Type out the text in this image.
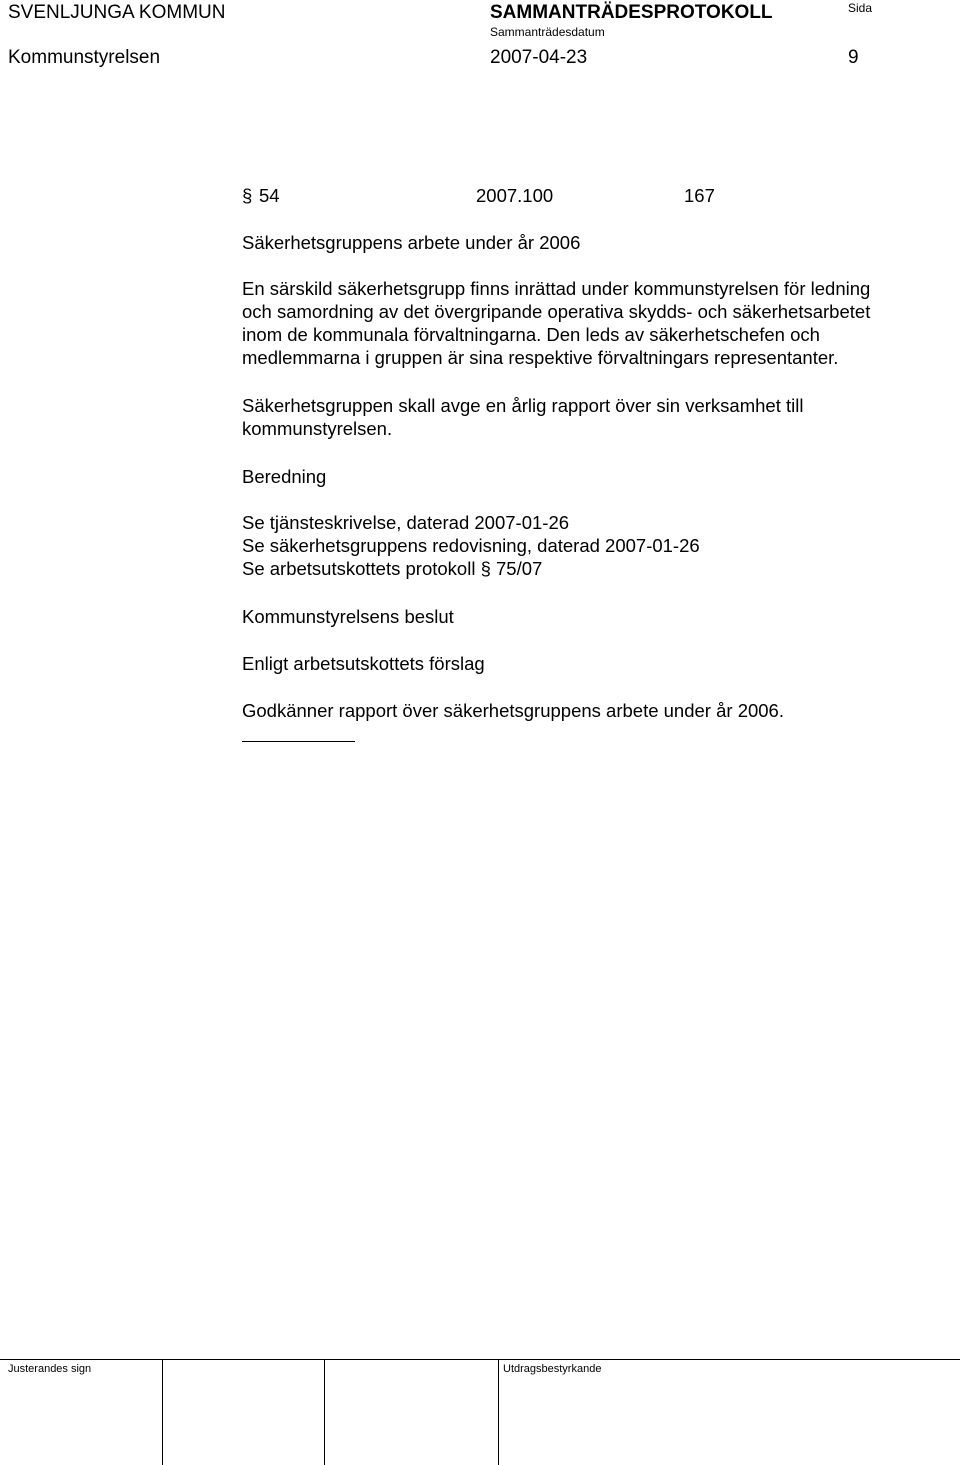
SVENLJUNGA KOMMUN	SAMMANTRÄDESPROTOKOLL	Sida
Sammanträdesdatum
Kommunstyrelsen	2007-04-23	9
§ 54	2007.100	167
Säkerhetsgruppens arbete under år 2006
En särskild säkerhetsgrupp finns inrättad under kommunstyrelsen för ledning
och samordning av det övergripande operativa skydds- och säkerhetsarbetet
inom de kommunala förvaltningarna. Den leds av säkerhetschefen och
medlemmarna i gruppen är sina respektive förvaltningars representanter.
Säkerhetsgruppen skall avge en årlig rapport över sin verksamhet till
kommunstyrelsen.
Beredning
Se tjänsteskrivelse, daterad 2007-01-26
Se säkerhetsgruppens redovisning, daterad 2007-01-26
Se arbetsutskottets protokoll § 75/07
Kommunstyrelsens beslut
Enligt arbetsutskottets förslag
Godkänner rapport över säkerhetsgruppens arbete under år 2006.
Justerandes sign	Utdragsbestyrkande
